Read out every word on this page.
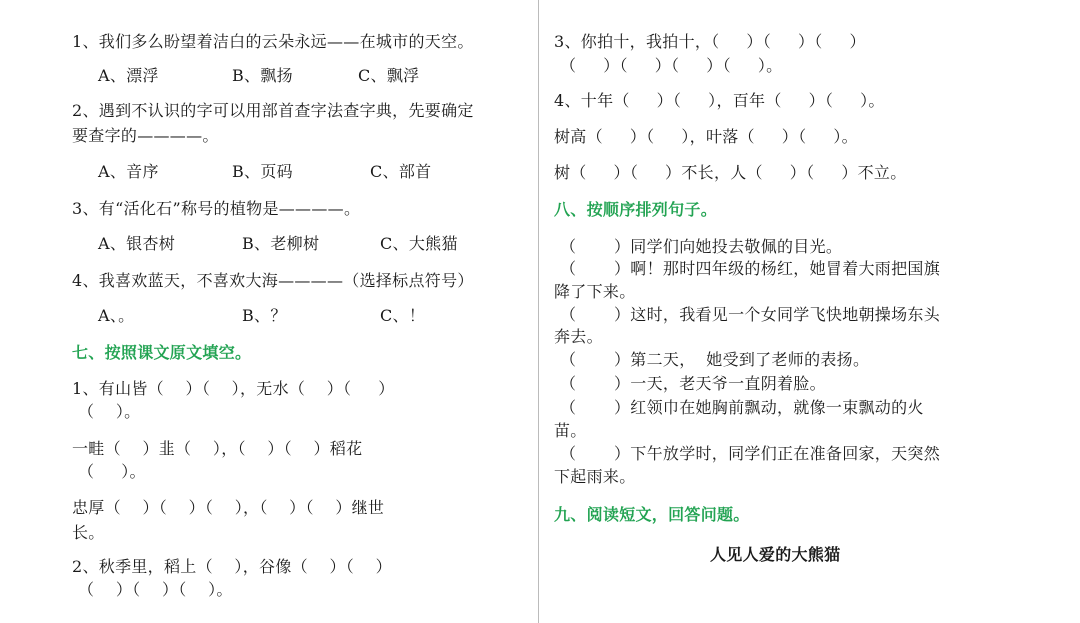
1、我们多么盼望着洁白的云朵永远——在城市的天空。
A、漂浮	B、飘扬	C、飘浮
2、遇到不认识的字可以用部首查字法查字典，先要确定
要查字的————。
A、音序	B、页码	C、部首
3、有“活化石”称号的植物是————。
A、银杏树	B、老柳树	C、大熊猫
4、我喜欢蓝天，不喜欢大海————（选择标点符号）
A、。	B、？	C、！
七、按照课文原文填空。
1、有山皆（    ）（    ），无水（    ）（     ）
（    ）。
一畦（    ）韭（    ），（    ）（    ）稻花
（     ）。
忠厚（    ）（    ）（    ），（    ）（    ）继世
长。
2、秋季里，稻上（    ），谷像（    ）（    ）
（    ）（    ）（    ）。
3、你拍十，我拍十，（     ）（     ）（     ）
（     ）（     ）（     ）（     ）。
4、十年（     ）（     ），百年（     ）（     ）。
树高（     ）（     ），叶落（     ）（     ）。
树（     ）（     ）不长，人（     ）（     ）不立。
八、按顺序排列句子。
（       ）同学们向她投去敬佩的目光。
（       ）啊！那时四年级的杨红，她冒着大雨把国旗
降了下来。
（       ）这时，我看见一个女同学飞快地朝操场东头
奔去。
（       ）第二天，  她受到了老师的表扬。
（       ）一天，老天爷一直阴着脸。
（       ）红领巾在她胸前飘动，就像一束飘动的火
苗。
（       ）下午放学时，同学们正在准备回家，天突然
下起雨来。
九、阅读短文，回答问题。
人见人爱的大熊猫
